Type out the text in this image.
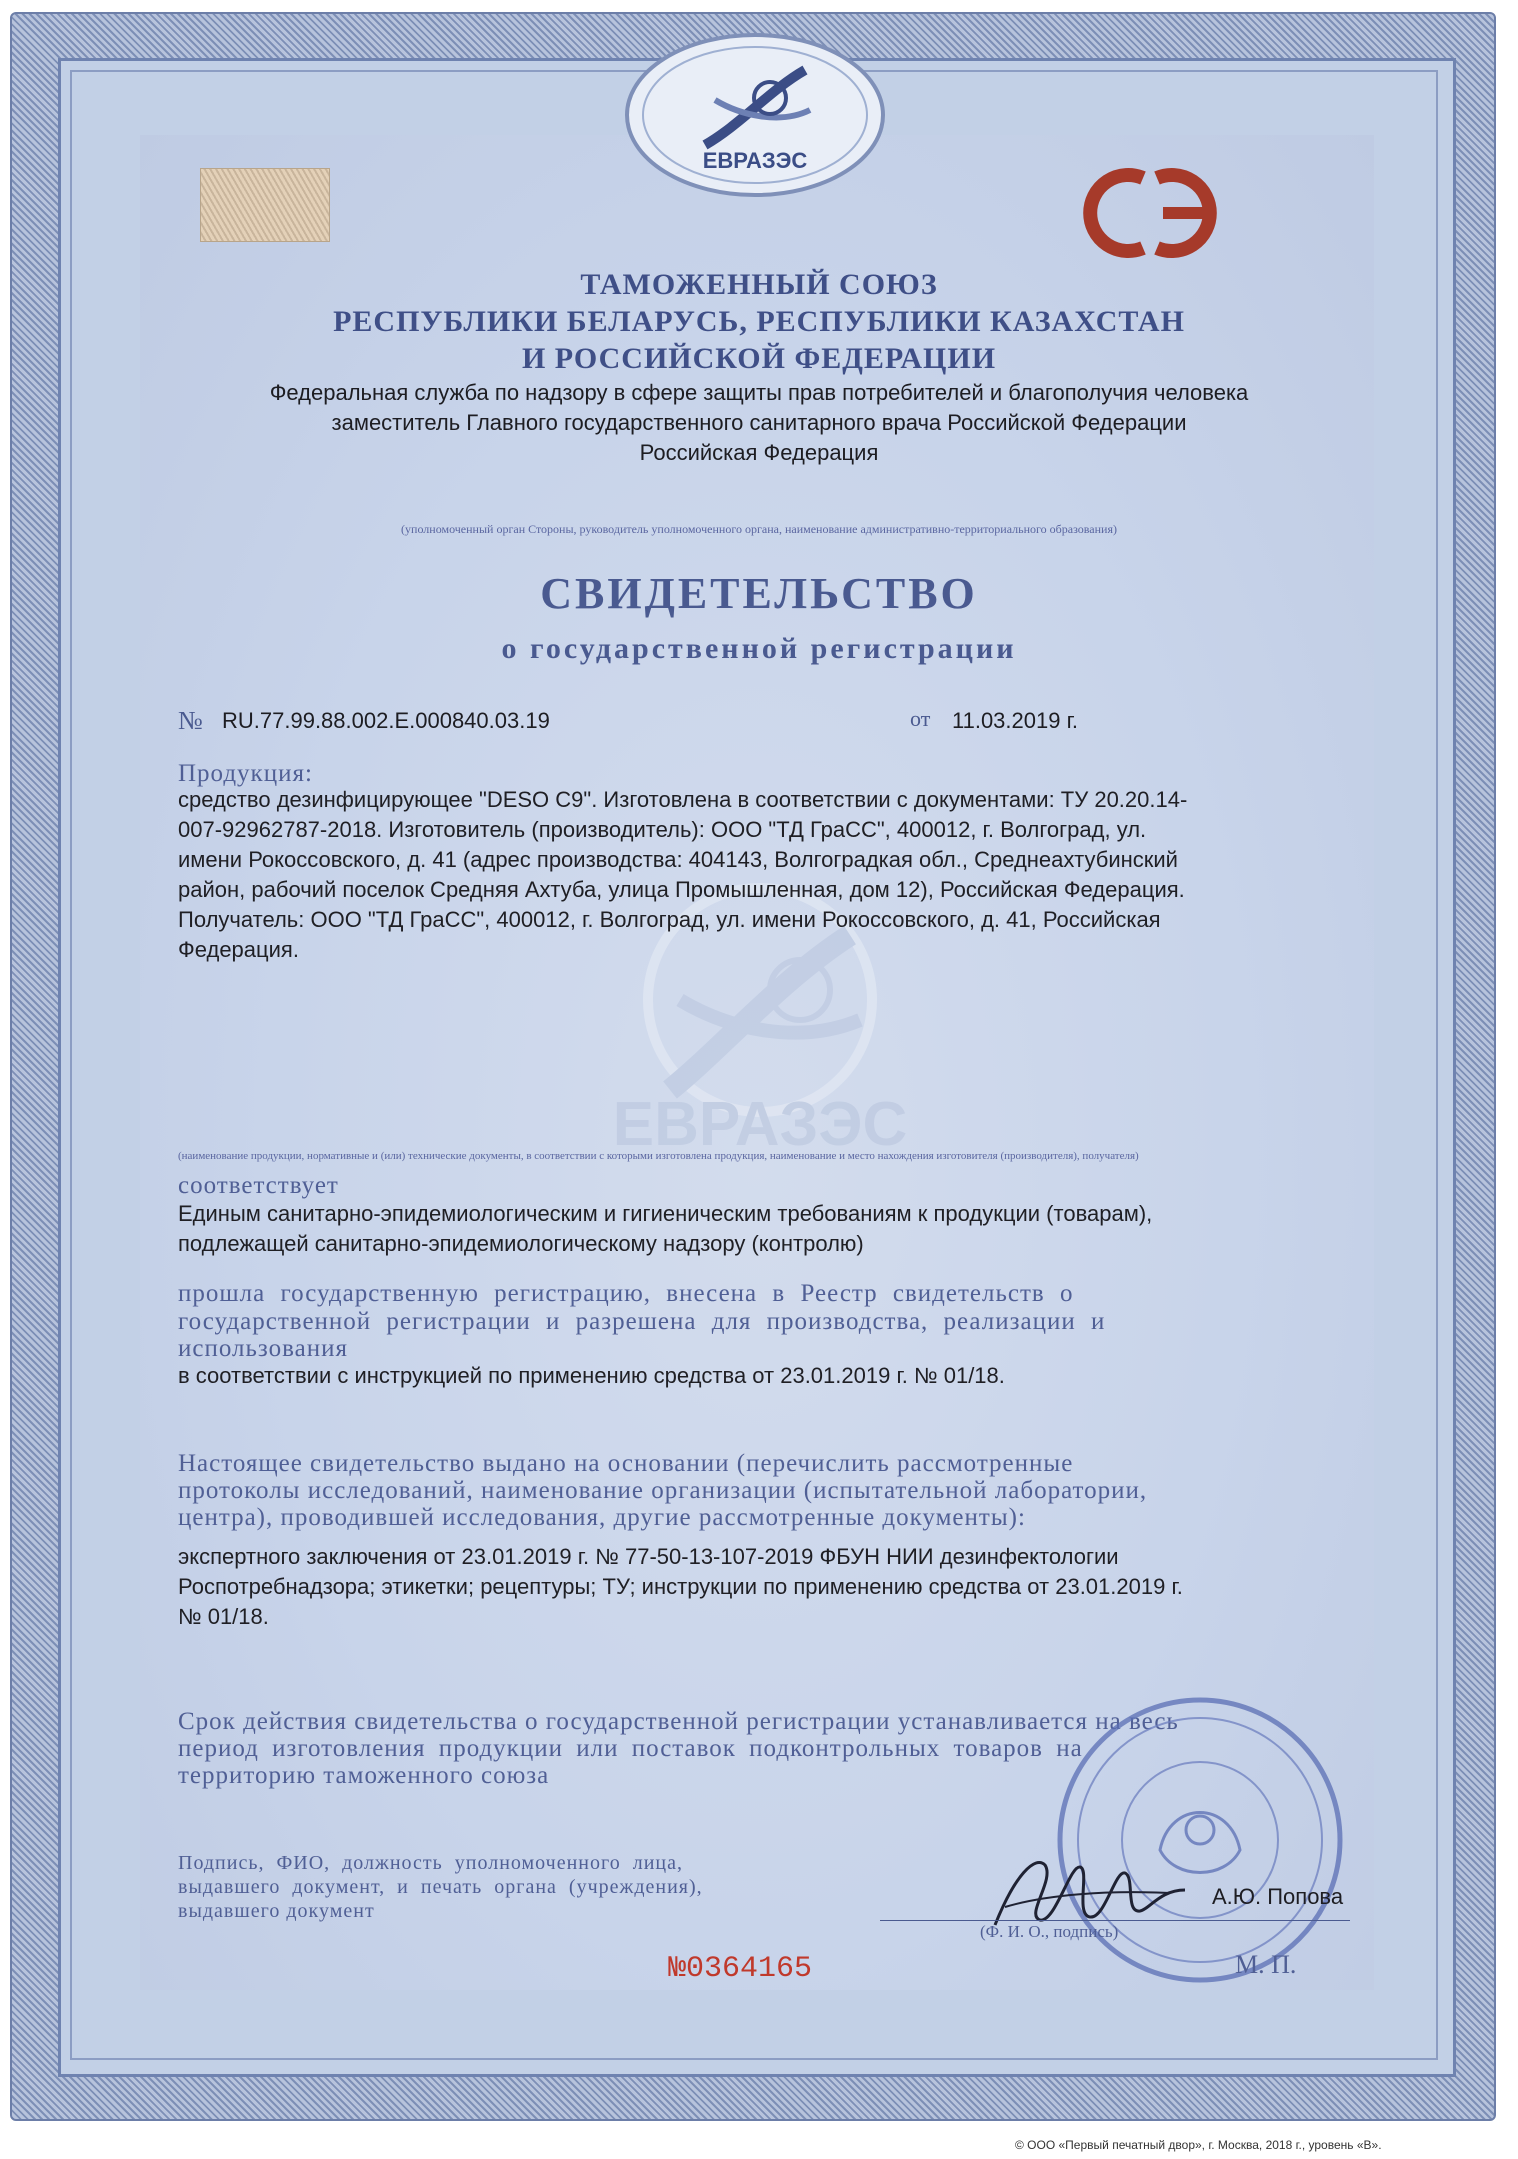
ЕВРАЗЭС
ТАМОЖЕННЫЙ СОЮЗ
РЕСПУБЛИКИ БЕЛАРУСЬ, РЕСПУБЛИКИ КАЗАХСТАН
И РОССИЙСКОЙ ФЕДЕРАЦИИ
Федеральная служба по надзору в сфере защиты прав потребителей и благополучия человека
заместитель Главного государственного санитарного врача Российской Федерации
Российская Федерация
(уполномоченный орган Стороны, руководитель уполномоченного органа, наименование административно-территориального образования)
СВИДЕТЕЛЬСТВО
о государственной регистрации
№ RU.77.99.88.002.E.000840.03.19	от 11.03.2019 г.
ЕВРАЗЭС
Продукция:
средство дезинфицирующее "DESO C9". Изготовлена в соответствии с документами: ТУ 20.20.14-
007-92962787-2018. Изготовитель (производитель): ООО "ТД ГраСС", 400012, г. Волгоград, ул.
имени Рокоссовского, д. 41 (адрес производства: 404143, Волгоградкая обл., Среднеахтубинский
район, рабочий поселок Средняя Ахтуба, улица Промышленная, дом 12), Российская Федерация.
Получатель: ООО "ТД ГраСС", 400012, г. Волгоград, ул. имени Рокоссовского, д. 41, Российская
Федерация.
(наименование продукции, нормативные и (или) технические документы, в соответствии с которыми изготовлена продукция, наименование и место нахождения изготовителя (производителя), получателя)
соответствует
Единым санитарно-эпидемиологическим и гигиеническим требованиям к продукции (товарам),
подлежащей санитарно-эпидемиологическому надзору (контролю)
прошла государственную регистрацию, внесена в Реестр свидетельств о
государственной регистрации и разрешена для производства, реализации и
использования
в соответствии с инструкцией по применению средства от 23.01.2019 г. № 01/18.
Настоящее свидетельство выдано на основании (перечислить рассмотренные
протоколы исследований, наименование организации (испытательной лаборатории,
центра), проводившей исследования, другие рассмотренные документы):
экспертного заключения от 23.01.2019 г. № 77-50-13-107-2019 ФБУН НИИ дезинфектологии
Роспотребнадзора; этикетки; рецептуры; ТУ; инструкции по применению средства от 23.01.2019 г.
№ 01/18.
Срок действия свидетельства о государственной регистрации устанавливается на весь
период изготовления продукции или поставок подконтрольных товаров на
территорию таможенного союза
Подпись, ФИО, должность уполномоченного лица,
выдавшего документ, и печать органа (учреждения),
выдавшего документ
А.Ю. Попова
(Ф. И. О., подпись)
М. П.
№0364165
© ООО «Первый печатный двор», г. Москва, 2018 г., уровень «В».
